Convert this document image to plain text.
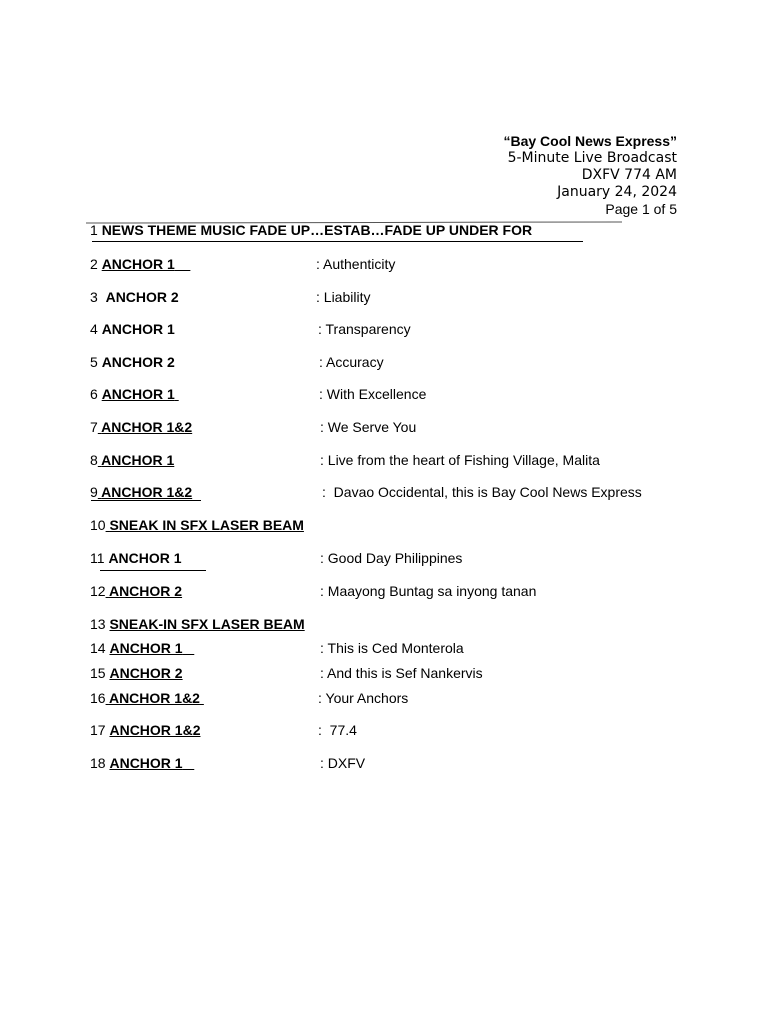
“Bay Cool News Express”
5-Minute Live Broadcast
DXFV 774 AM
January 24, 2024
Page 1 of 5
1 NEWS THEME MUSIC FADE UP…ESTAB…FADE UP UNDER FOR
2 ANCHOR 1	: Authenticity
3 ANCHOR 2	: Liability
4 ANCHOR 1	: Transparency
5 ANCHOR 2	: Accuracy
6 ANCHOR 1	: With Excellence
7 ANCHOR 1&2	: We Serve You
8 ANCHOR 1	: Live from the heart of Fishing Village, Malita
9 ANCHOR 1&2	:  Davao Occidental, this is Bay Cool News Express
10 SNEAK IN SFX LASER BEAM
11 ANCHOR 1	: Good Day Philippines
12 ANCHOR 2	: Maayong Buntag sa inyong tanan
13 SNEAK-IN SFX LASER BEAM
14 ANCHOR 1	: This is Ced Monterola
15 ANCHOR 2	: And this is Sef Nankervis
16 ANCHOR 1&2	: Your Anchors
17 ANCHOR 1&2	:  77.4
18 ANCHOR 1	: DXFV
